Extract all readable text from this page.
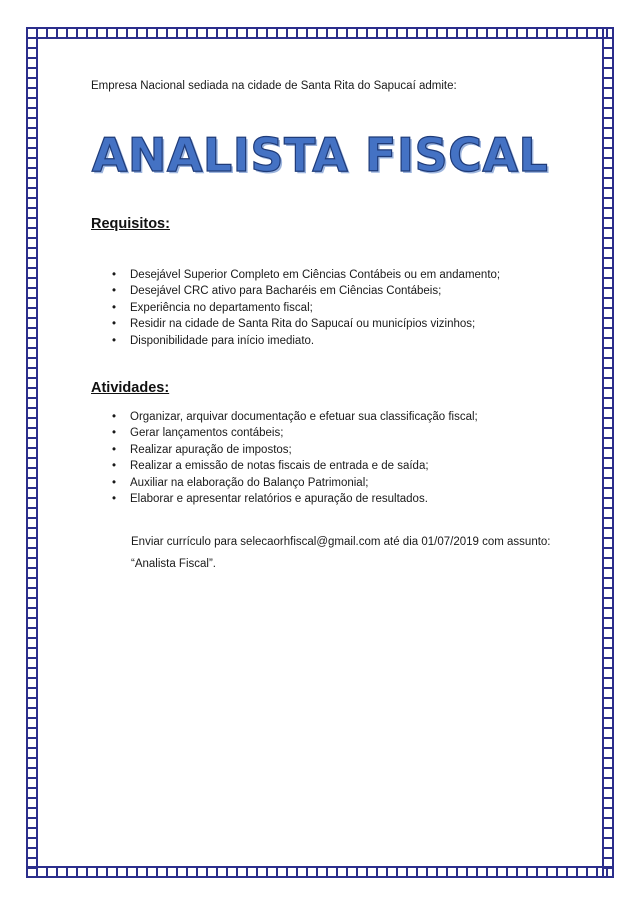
Empresa Nacional sediada na cidade de Santa Rita do Sapucaí admite:
ANALISTA FISCAL
Requisitos:
• Desejável Superior Completo em Ciências Contábeis ou em andamento;
• Desejável CRC ativo para Bacharéis em Ciências Contábeis;
• Experiência no departamento fiscal;
• Residir na cidade de Santa Rita do Sapucaí ou municípios vizinhos;
• Disponibilidade para início imediato.
Atividades:
• Organizar, arquivar documentação e efetuar sua classificação fiscal;
• Gerar lançamentos contábeis;
• Realizar apuração de impostos;
• Realizar a emissão de notas fiscais de entrada e de saída;
• Auxiliar na elaboração do Balanço Patrimonial;
• Elaborar e apresentar relatórios e apuração de resultados.
Enviar currículo para selecaorhfiscal@gmail.com até dia 01/07/2019 com assunto: “Analista Fiscal”.
